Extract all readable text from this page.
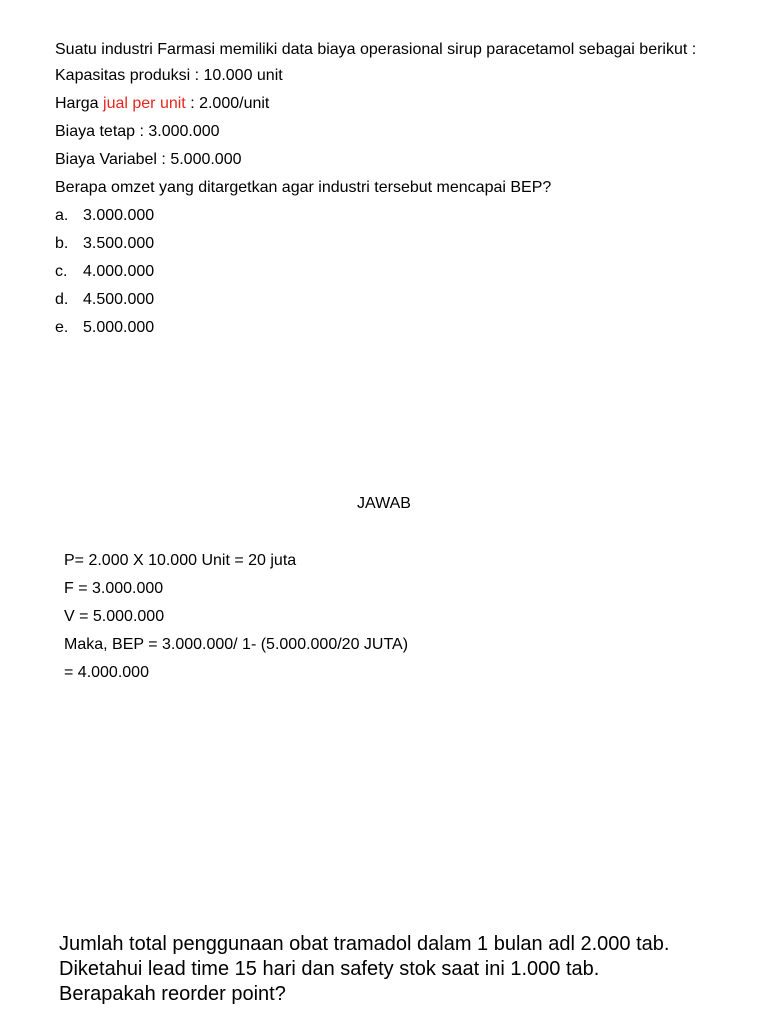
Suatu industri Farmasi memiliki data biaya operasional sirup paracetamol sebagai berikut :
Kapasitas produksi : 10.000 unit
Harga jual per unit : 2.000/unit
Biaya tetap : 3.000.000
Biaya Variabel : 5.000.000
Berapa omzet yang ditargetkan agar industri tersebut mencapai BEP?
a. 3.000.000
b. 3.500.000
c. 4.000.000
d. 4.500.000
e. 5.000.000
JAWAB
P= 2.000 X 10.000 Unit = 20 juta
F = 3.000.000
V = 5.000.000
Maka, BEP = 3.000.000/ 1- (5.000.000/20 JUTA)
= 4.000.000
Jumlah total penggunaan obat tramadol dalam 1 bulan adl 2.000 tab.
Diketahui lead time 15 hari dan safety stok saat ini 1.000 tab.
Berapakah reorder point?
